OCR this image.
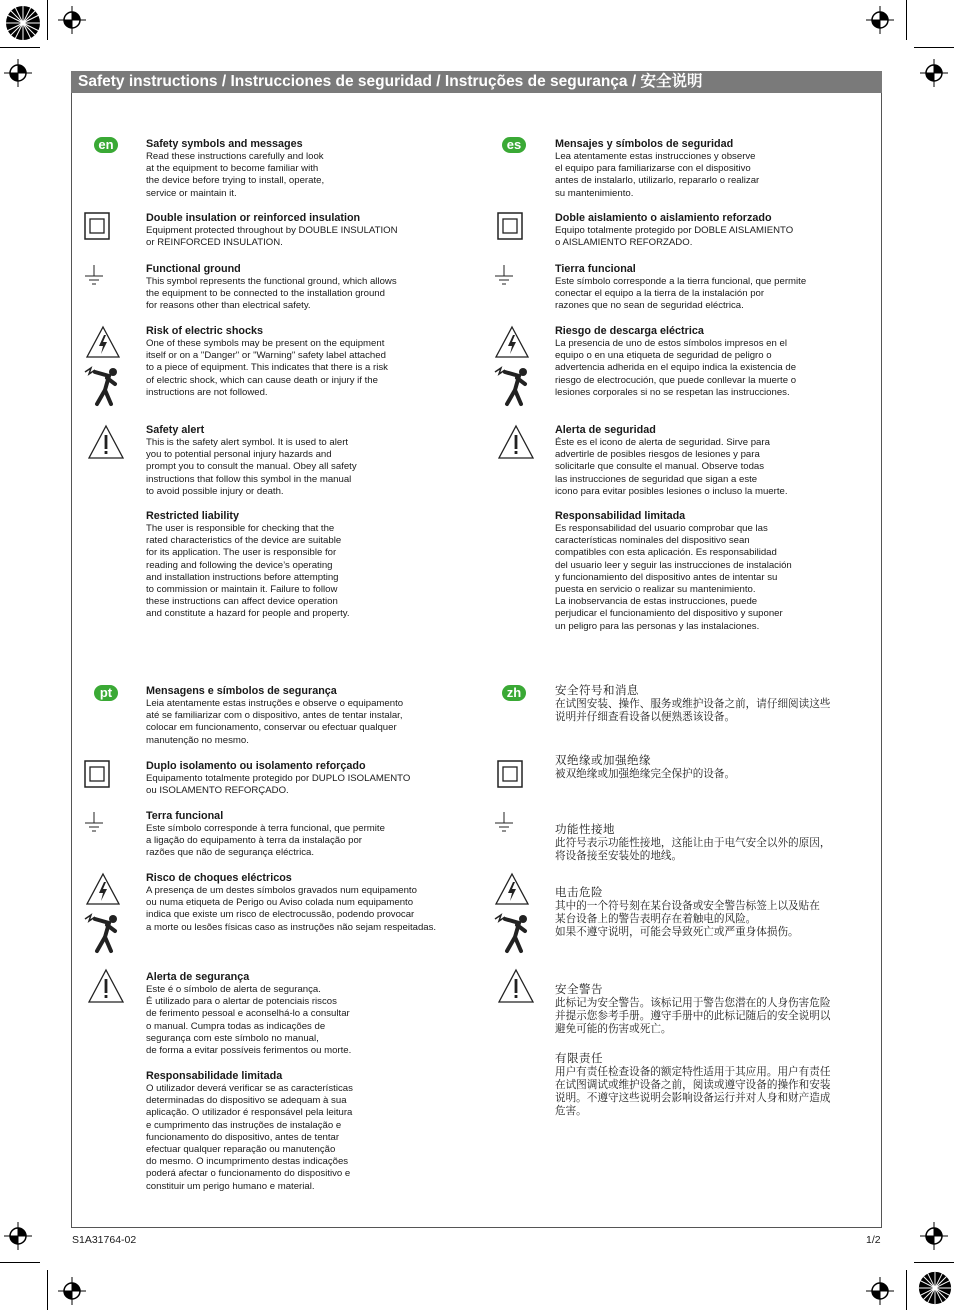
Safety instructions / Instrucciones de seguridad / Instruções de segurança / 安全说明
en	es
pt	zh
Safety symbols and messages
Read these instructions carefully and look
at the equipment to become familiar with
the device before trying to install, operate,
service or maintain it.
Double insulation or reinforced insulation
Equipment protected throughout by DOUBLE INSULATION
or REINFORCED INSULATION.
Functional ground
This symbol represents the functional ground, which allows
the equipment to be connected to the installation ground
for reasons other than electrical safety.
Risk of electric shocks
One of these symbols may be present on the equipment
itself or on a "Danger" or "Warning" safety label attached
to a piece of equipment. This indicates that there is a risk
of electric shock, which can cause death or injury if the
instructions are not followed.
Safety alert
This is the safety alert symbol. It is used to alert
you to potential personal injury hazards and
prompt you to consult the manual. Obey all safety
instructions that follow this symbol in the manual
to avoid possible injury or death.
Restricted liability
The user is responsible for checking that the
rated characteristics of the device are suitable
for its application. The user is responsible for
reading and following the device’s operating
and installation instructions before attempting
to commission or maintain it. Failure to follow
these instructions can affect device operation
and constitute a hazard for people and property.
Mensajes y símbolos de seguridad
Lea atentamente estas instrucciones y observe
el equipo para familiarizarse con el dispositivo
antes de instalarlo, utilizarlo, repararlo o realizar
su mantenimiento.
Doble aislamiento o aislamiento reforzado
Equipo totalmente protegido por DOBLE AISLAMIENTO
o AISLAMIENTO REFORZADO.
Tierra funcional
Este símbolo corresponde a la tierra funcional, que permite
conectar el equipo a la tierra de la instalación por
razones que no sean de seguridad eléctrica.
Riesgo de descarga eléctrica
La presencia de uno de estos símbolos impresos en el
equipo o en una etiqueta de seguridad de peligro o
advertencia adherida en el equipo indica la existencia de
riesgo de electrocución, que puede conllevar la muerte o
lesiones corporales si no se respetan las instrucciones.
Alerta de seguridad
Éste es el icono de alerta de seguridad. Sirve para
advertirle de posibles riesgos de lesiones y para
solicitarle que consulte el manual. Observe todas
las instrucciones de seguridad que sigan a este
icono para evitar posibles lesiones o incluso la muerte.
Responsabilidad limitada
Es responsabilidad del usuario comprobar que las
características nominales del dispositivo sean
compatibles con esta aplicación. Es responsabilidad
del usuario leer y seguir las instrucciones de instalación
y funcionamiento del dispositivo antes de intentar su
puesta en servicio o realizar su mantenimiento.
La inobservancia de estas instrucciones, puede
perjudicar el funcionamiento del dispositivo y suponer
un peligro para las personas y las instalaciones.
Mensagens e símbolos de segurança
Leia atentamente estas instruções e observe o equipamento
até se familiarizar com o dispositivo, antes de tentar instalar,
colocar em funcionamento, conservar ou efectuar qualquer
manutenção no mesmo.
Duplo isolamento ou isolamento reforçado
Equipamento totalmente protegido por DUPLO ISOLAMENTO
ou ISOLAMENTO REFORÇADO.
Terra funcional
Este símbolo corresponde à terra funcional, que permite
a ligação do equipamento à terra da instalação por
razões que não de segurança eléctrica.
Risco de choques eléctricos
A presença de um destes símbolos gravados num equipamento
ou numa etiqueta de Perigo ou Aviso colada num equipamento
indica que existe um risco de electrocussão, podendo provocar
a morte ou lesões físicas caso as instruções não sejam respeitadas.
Alerta de segurança
Este é o símbolo de alerta de segurança.
É utilizado para o alertar de potenciais riscos
de ferimento pessoal e aconselhá-lo a consultar
o manual. Cumpra todas as indicações de
segurança com este símbolo no manual,
de forma a evitar possíveis ferimentos ou morte.
Responsabilidade limitada
O utilizador deverá verificar se as características
determinadas do dispositivo se adequam à sua
aplicação. O utilizador é responsável pela leitura
e cumprimento das instruções de instalação e
funcionamento do dispositivo, antes de tentar
efectuar qualquer reparação ou manutenção
do mesmo. O incumprimento destas indicações
poderá afectar o funcionamento do dispositivo e
constituir um perigo humano e material.
安全符号和消息
在试图安装、操作、服务或维护设备之前，请仔细阅读这些
说明并仔细查看设备以便熟悉该设备。
双绝缘或加强绝缘
被双绝缘或加强绝缘完全保护的设备。
功能性接地
此符号表示功能性接地，这能让由于电气安全以外的原因，
将设备接至安装处的地线。
电击危险
其中的一个符号刻在某台设备或安全警告标签上以及贴在
某台设备上的警告表明存在着触电的风险。
如果不遵守说明，可能会导致死亡或严重身体损伤。
安全警告
此标记为安全警告。该标记用于警告您潜在的人身伤害危险
并提示您参考手册。遵守手册中的此标记随后的安全说明以
避免可能的伤害或死亡。
有限责任
用户有责任检查设备的额定特性适用于其应用。用户有责任
在试图调试或维护设备之前，阅读或遵守设备的操作和安装
说明。不遵守这些说明会影响设备运行并对人身和财产造成
危害。
S1A31764-02	1/2
